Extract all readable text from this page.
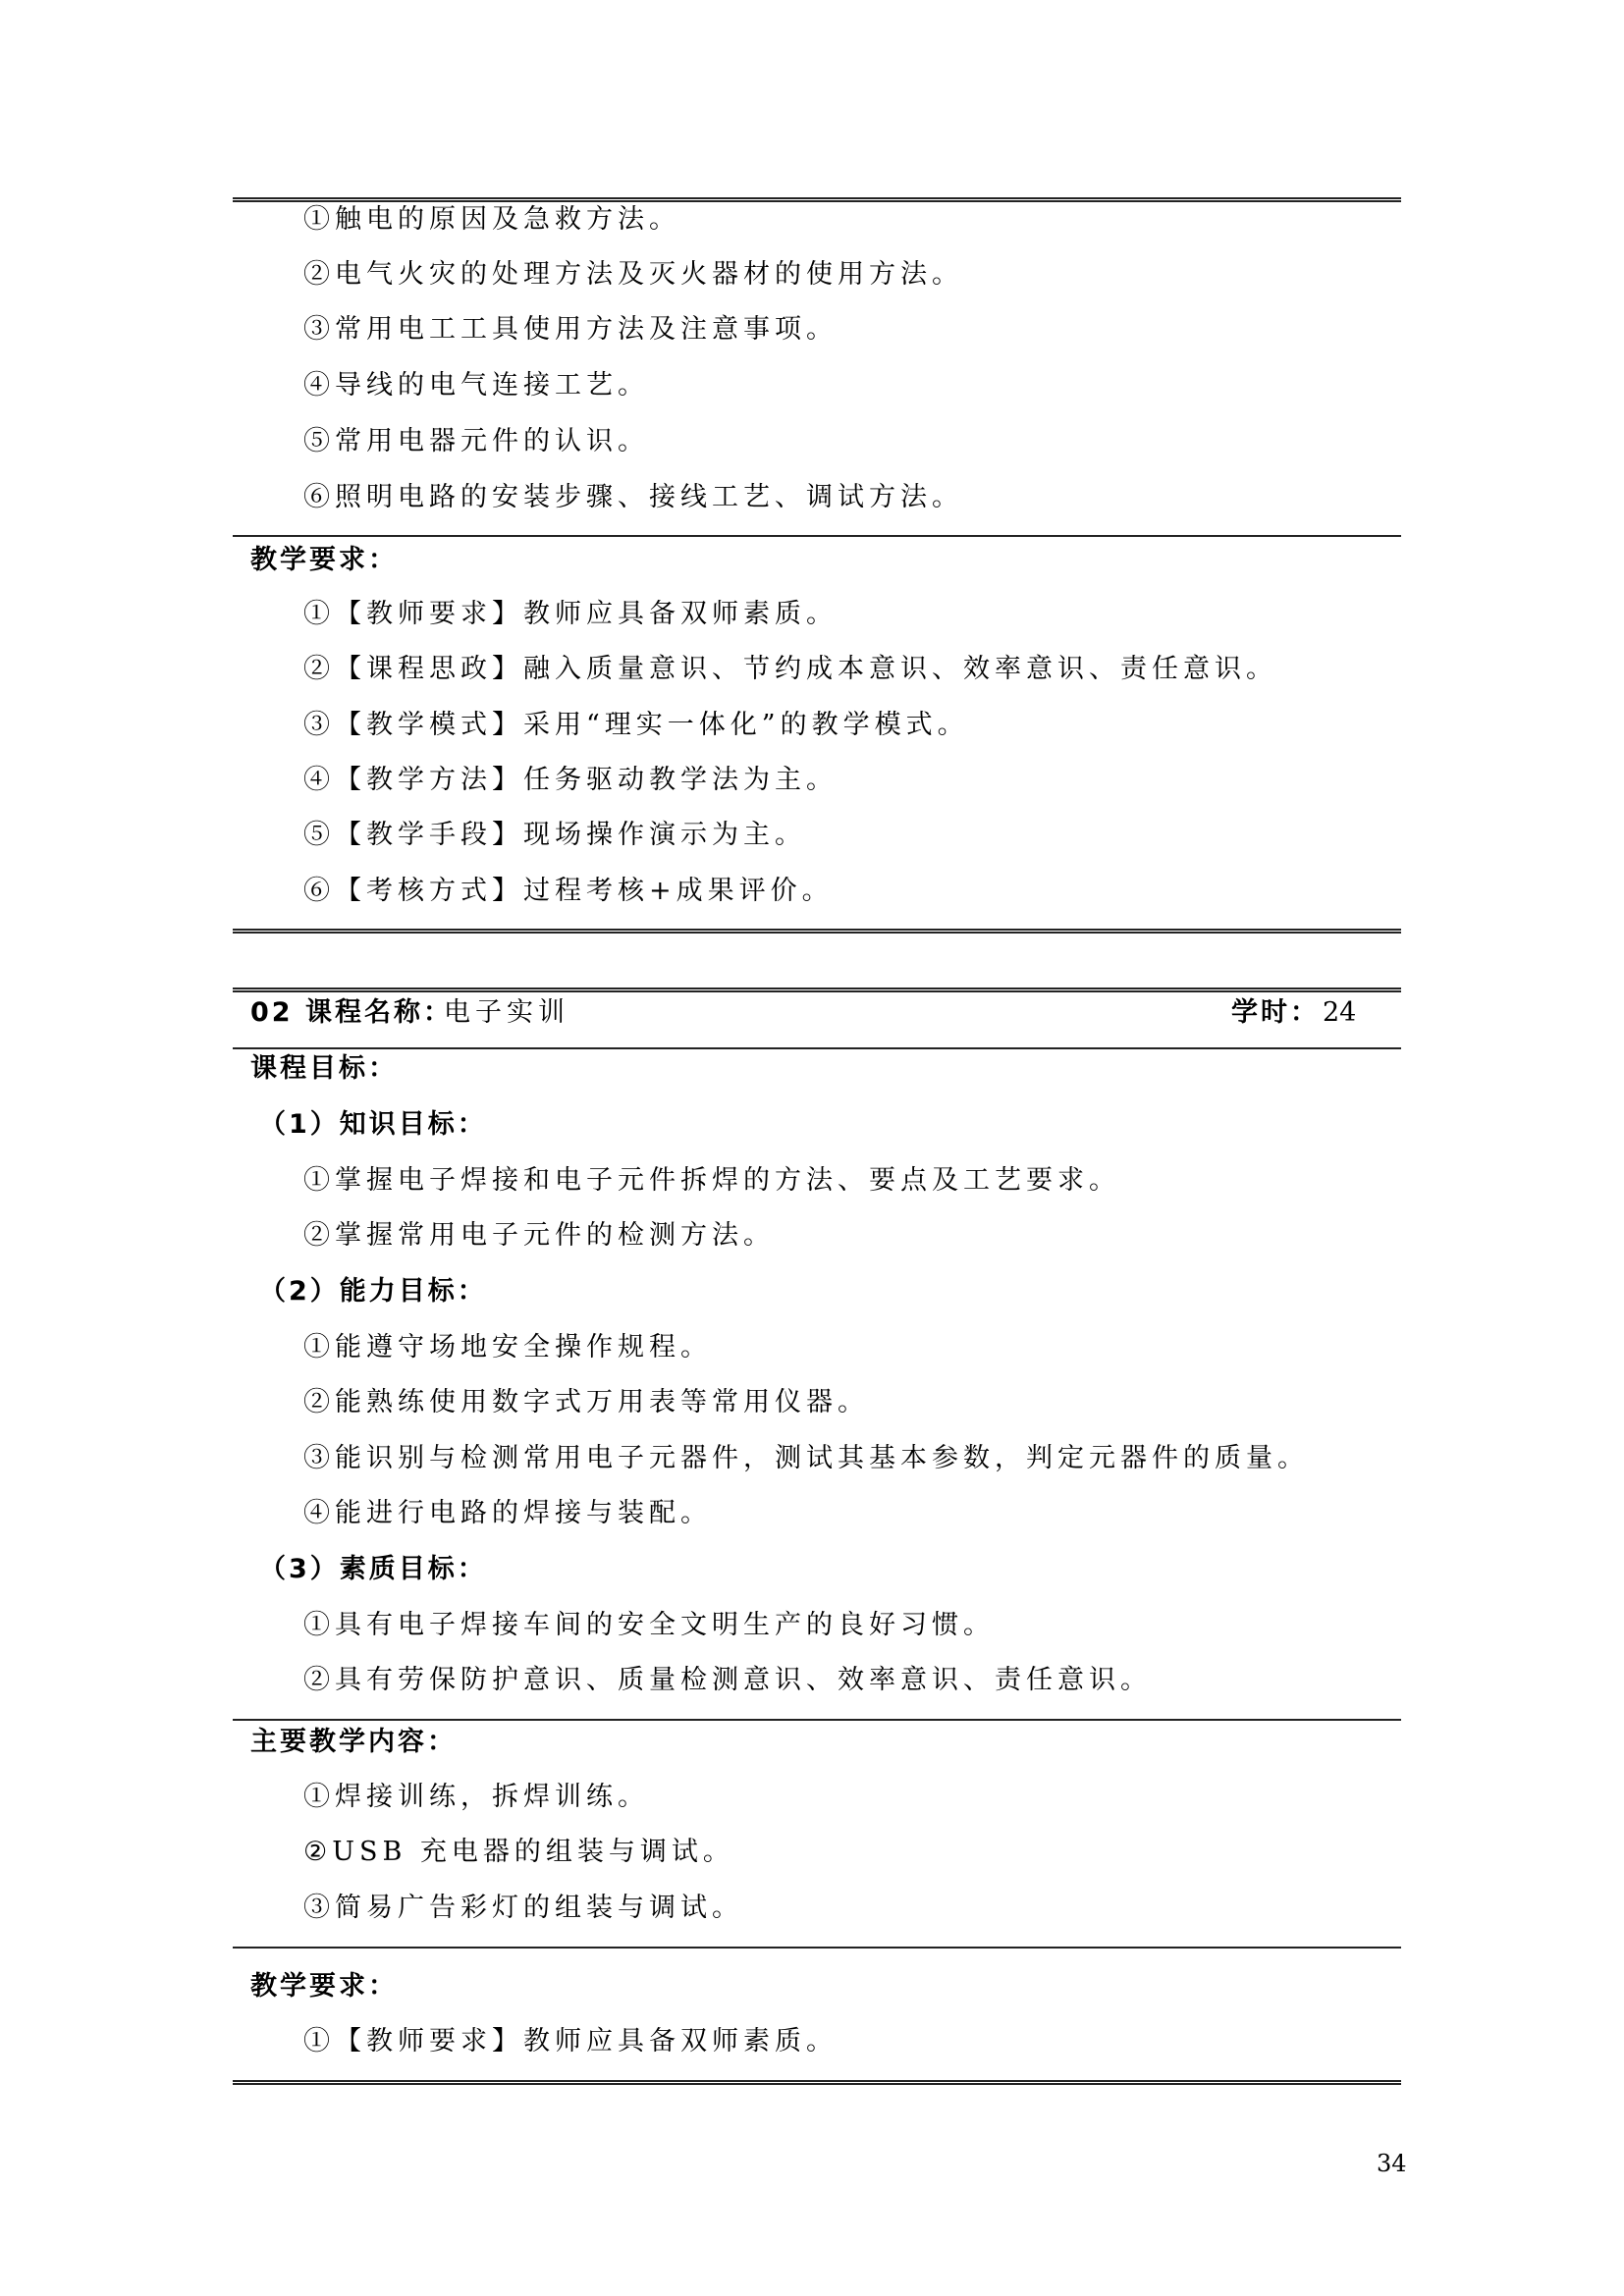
①触电的原因及急救方法。
②电气火灾的处理方法及灭火器材的使用方法。
③常用电工工具使用方法及注意事项。
④导线的电气连接工艺。
⑤常用电器元件的认识。
⑥照明电路的安装步骤、接线工艺、调试方法。
教学要求：
①【教师要求】教师应具备双师素质。
②【课程思政】融入质量意识、节约成本意识、效率意识、责任意识。
③【教学模式】采用“理实一体化”的教学模式。
④【教学方法】任务驱动教学法为主。
⑤【教学手段】现场操作演示为主。
⑥【考核方式】过程考核+成果评价。
02 课程名称：
电子实训	学时： 24
课程目标：
（1）知识目标：
①掌握电子焊接和电子元件拆焊的方法、要点及工艺要求。
②掌握常用电子元件的检测方法。
（2）能力目标：
①能遵守场地安全操作规程。
②能熟练使用数字式万用表等常用仪器。
③能识别与检测常用电子元器件，测试其基本参数，判定元器件的质量。
④能进行电路的焊接与装配。
（3）素质目标：
①具有电子焊接车间的安全文明生产的良好习惯。
②具有劳保防护意识、质量检测意识、效率意识、责任意识。
主要教学内容：
①焊接训练，拆焊训练。
②USB 充电器的组装与调试。
③简易广告彩灯的组装与调试。
教学要求：
①【教师要求】教师应具备双师素质。
34
